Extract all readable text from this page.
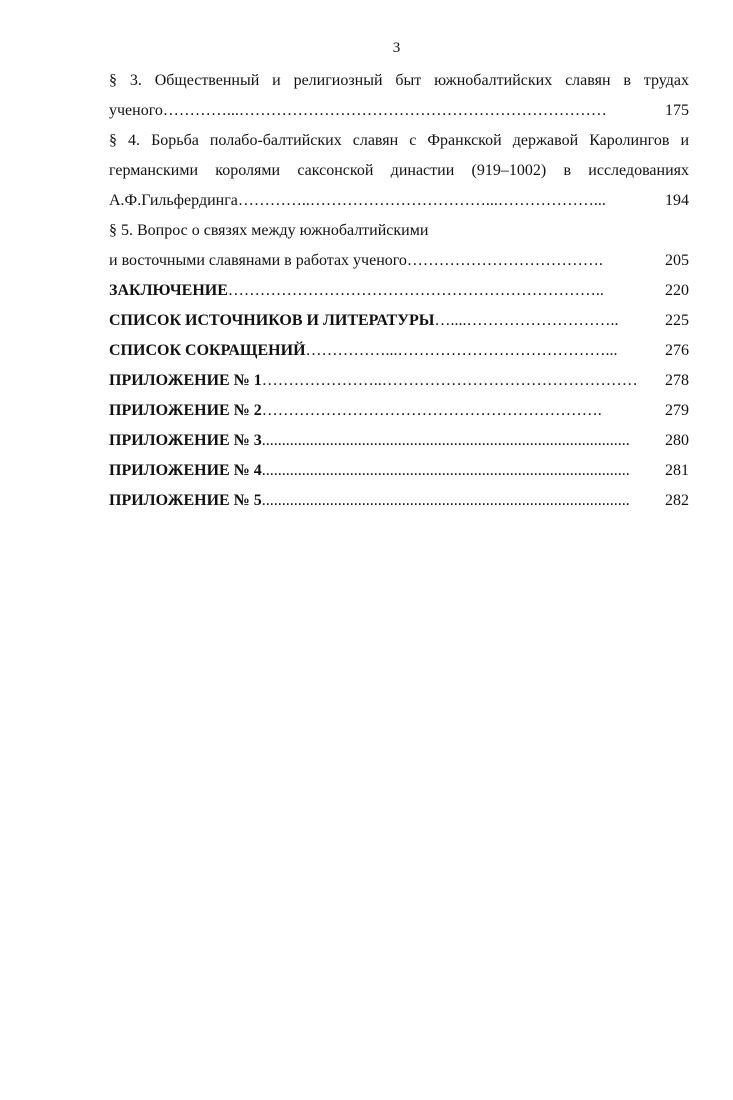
3
§ 3. Общественный и религиозный быт южнобалтийских славян в трудах
ученого …………...……………………………………………………………	175
§ 4. Борьба полабо-балтийских славян с Франкской державой Каролингов и
германскими королями саксонской династии (919–1002) в исследованиях
А.Ф.Гильфердинга …………..……………………………...………………...	194
§ 5. Вопрос о связях между южнобалтийскими
и восточными славянами в работах ученого ……………………………….	205
ЗАКЛЮЧЕНИЕ ……………………………………………………………..	220
СПИСОК ИСТОЧНИКОВ И ЛИТЕРАТУРЫ …....………………………..	225
СПИСОК СОКРАЩЕНИЙ ……………...…………………………………...	276
ПРИЛОЖЕНИЕ № 1 …………………..…………………………………………	278
ПРИЛОЖЕНИЕ № 2 ……………………………………………………….	279
ПРИЛОЖЕНИЕ № 3 ............................................................................................	280
ПРИЛОЖЕНИЕ № 4 ............................................................................................	281
ПРИЛОЖЕНИЕ № 5 ............................................................................................	282
